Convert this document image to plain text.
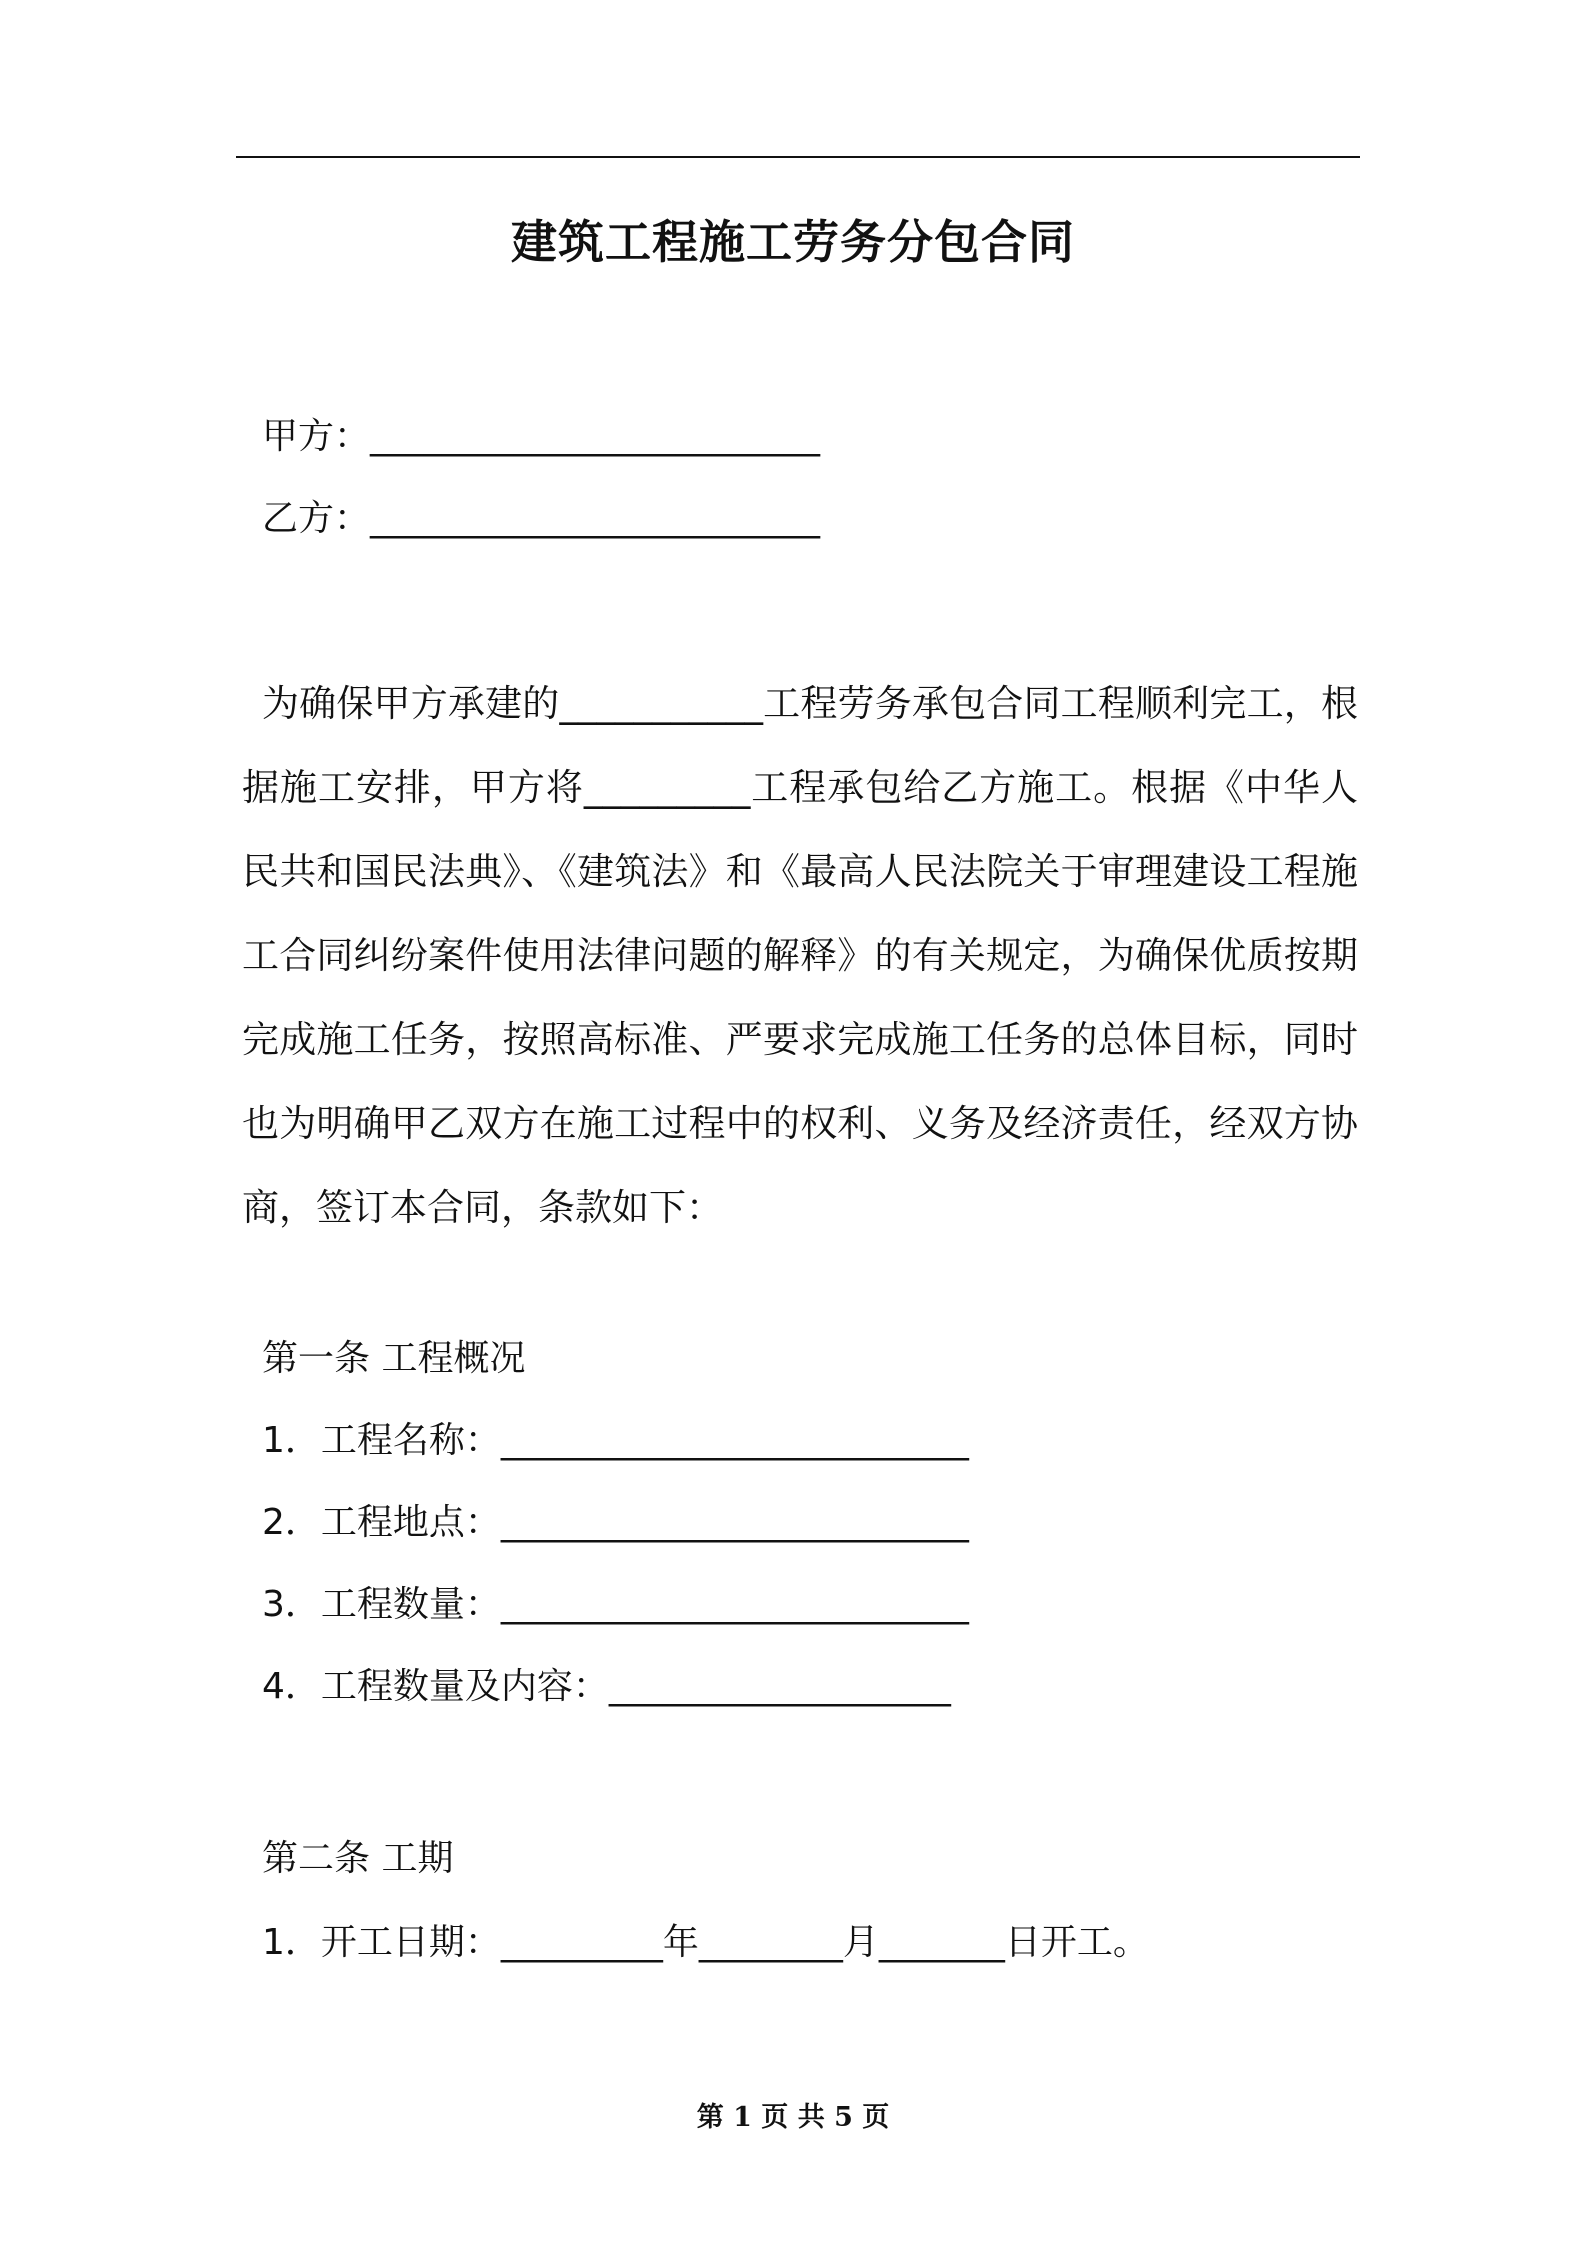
建筑工程施工劳务分包合同
甲方：_________________________
乙方：_________________________
为确保甲方承建的___________工程劳务承包合同工程顺利完工，根据施工安排，甲方将_________工程承包给乙方施工。根据《中华人民共和国民法典》、《建筑法》和《最高人民法院关于审理建设工程施工合同纠纷案件使用法律问题的解释》的有关规定，为确保优质按期完成施工任务，按照高标准、严要求完成施工任务的总体目标，同时也为明确甲乙双方在施工过程中的权利、义务及经济责任，经双方协商，签订本合同，条款如下：
第一条 工程概况
1．工程名称：__________________________
2．工程地点：__________________________
3．工程数量：__________________________
4．工程数量及内容：___________________
第二条 工期
1．开工日期：_________年________月_______日开工。
第 1 页 共 5 页
